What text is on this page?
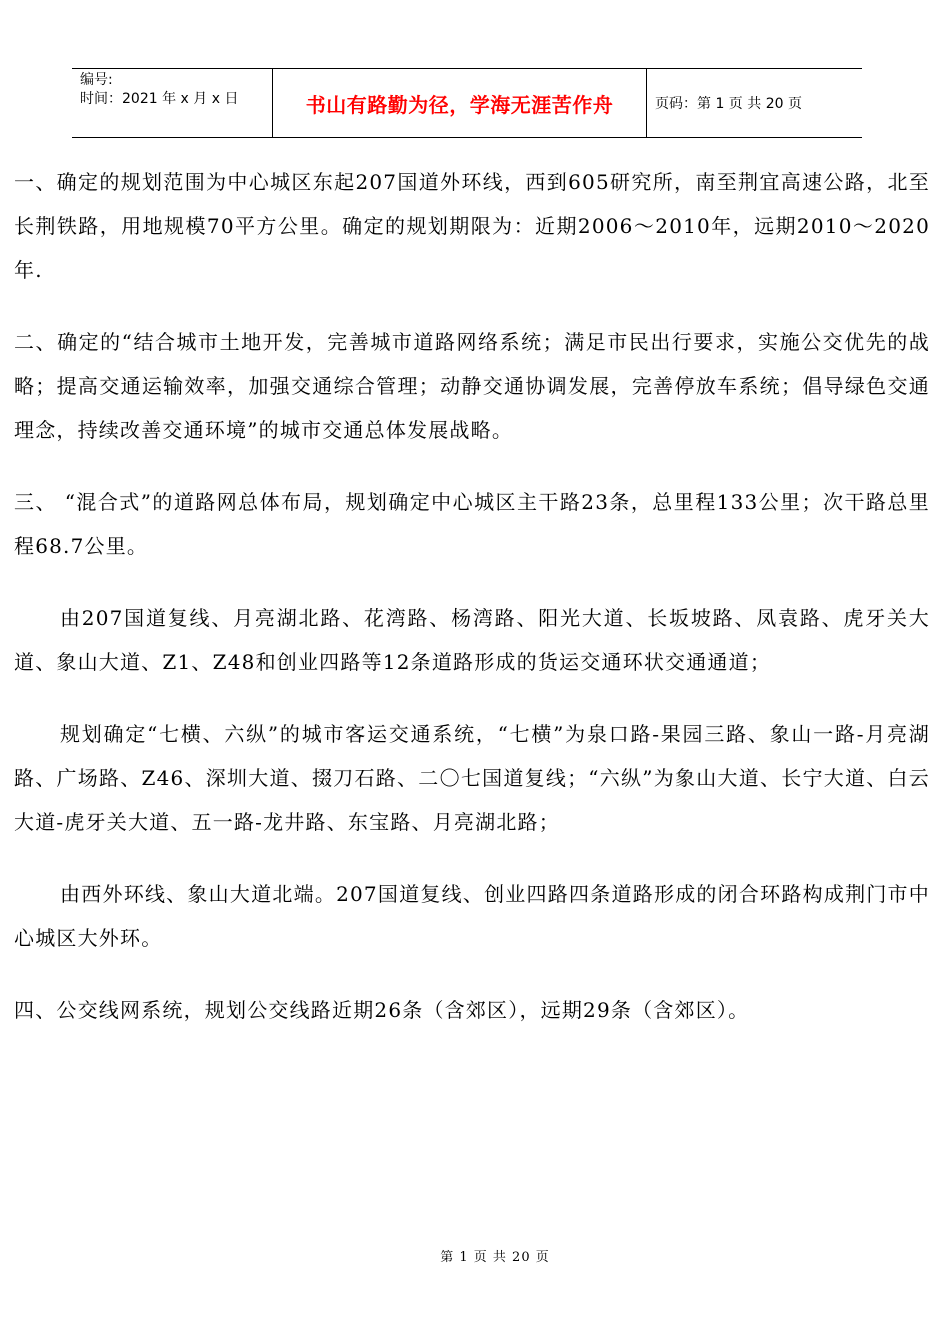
编号:
时间：2021 年 x 月 x 日	书山有路勤为径，学海无涯苦作舟	页码：第 1 页 共 20 页

一、确定的规划范围为中心城区东起207国道外环线，西到605研究所，南至荆宜高速公路，北至长荆铁路，用地规模70平方公里。确定的规划期限为：近期2006～2010年，远期2010～2020年.

二、确定的“结合城市土地开发，完善城市道路网络系统；满足市民出行要求，实施公交优先的战略；提高交通运输效率，加强交通综合管理；动静交通协调发展，完善停放车系统；倡导绿色交通理念，持续改善交通环境”的城市交通总体发展战略。

三、 “混合式”的道路网总体布局，规划确定中心城区主干路23条，总里程133公里；次干路总里程68.7公里。

由207国道复线、月亮湖北路、花湾路、杨湾路、阳光大道、长坂坡路、凤袁路、虎牙关大道、象山大道、Z1、Z48和创业四路等12条道路形成的货运交通环状交通通道；

规划确定“七横、六纵”的城市客运交通系统，“七横”为泉口路-果园三路、象山一路-月亮湖路、广场路、Z46、深圳大道、掇刀石路、二〇七国道复线；“六纵”为象山大道、长宁大道、白云大道-虎牙关大道、五一路-龙井路、东宝路、月亮湖北路；

由西外环线、象山大道北端。207国道复线、创业四路四条道路形成的闭合环路构成荆门市中心城区大外环。

四、公交线网系统，规划公交线路近期26条（含郊区），远期29条（含郊区）。

第 1 页 共 20 页
